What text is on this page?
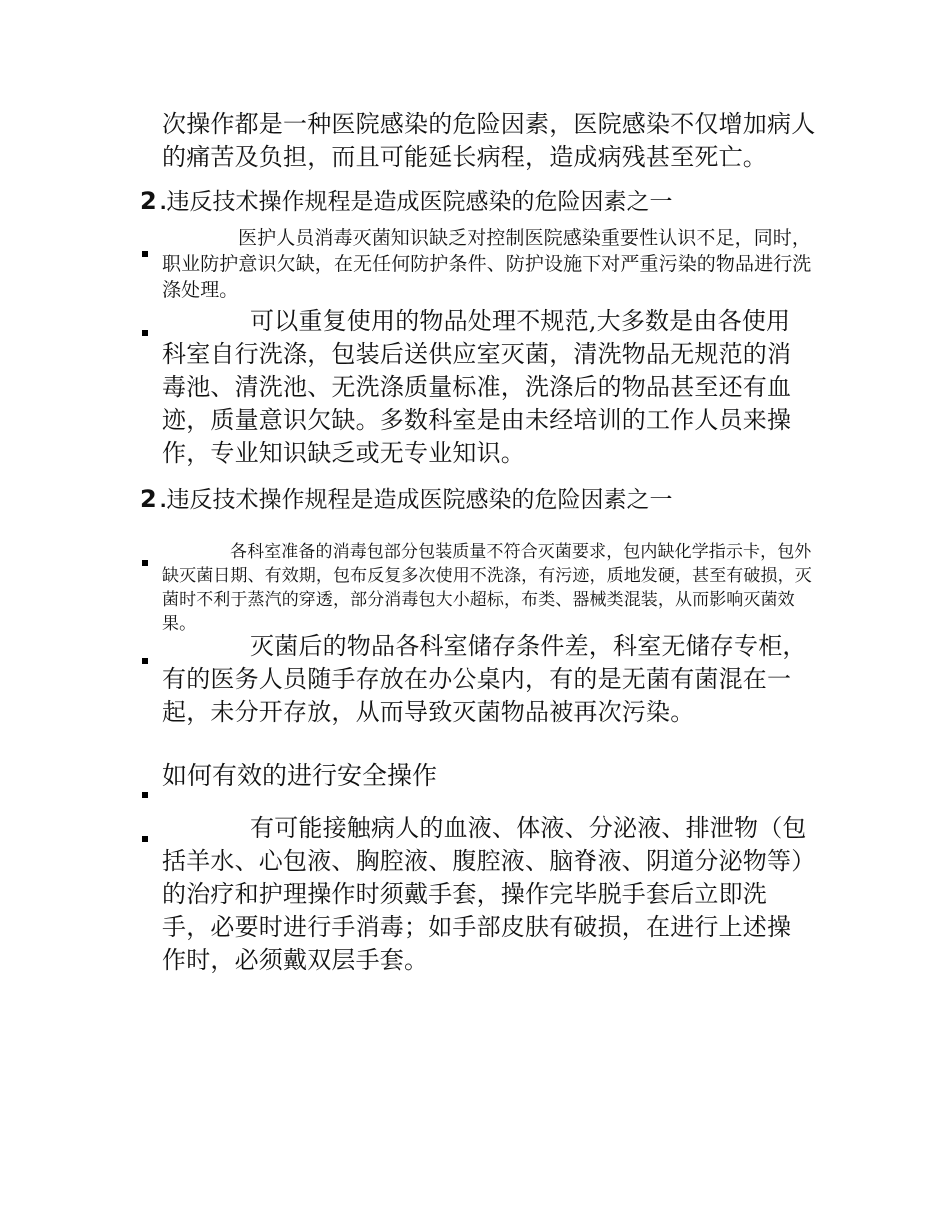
次操作都是一种医院感染的危险因素，医院感染不仅增加病人的痛苦及负担，而且可能延长病程，造成病残甚至死亡。

2 .违反技术操作规程是造成医院感染的危险因素之一

医护人员消毒灭菌知识缺乏对控制医院感染重要性认识不足，同时，职业防护意识欠缺，在无任何防护条件、防护设施下对严重污染的物品进行洗涤处理。

可以重复使用的物品处理不规范,大多数是由各使用科室自行洗涤，包装后送供应室灭菌，清洗物品无规范的消毒池、清洗池、无洗涤质量标准，洗涤后的物品甚至还有血迹，质量意识欠缺。多数科室是由未经培训的工作人员来操作，专业知识缺乏或无专业知识。

2 .违反技术操作规程是造成医院感染的危险因素之一

各科室准备的消毒包部分包装质量不符合灭菌要求，包内缺化学指示卡，包外缺灭菌日期、有效期，包布反复多次使用不洗涤，有污迹，质地发硬，甚至有破损，灭菌时不利于蒸汽的穿透，部分消毒包大小超标，布类、器械类混装，从而影响灭菌效果。

灭菌后的物品各科室储存条件差，科室无储存专柜，有的医务人员随手存放在办公桌内，有的是无菌有菌混在一起，未分开存放，从而导致灭菌物品被再次污染。

如何有效的进行安全操作

有可能接触病人的血液、体液、分泌液、排泄物（包括羊水、心包液、胸腔液、腹腔液、脑脊液、阴道分泌物等）的治疗和护理操作时须戴手套，操作完毕脱手套后立即洗手，必要时进行手消毒；如手部皮肤有破损，在进行上述操作时，必须戴双层手套。
